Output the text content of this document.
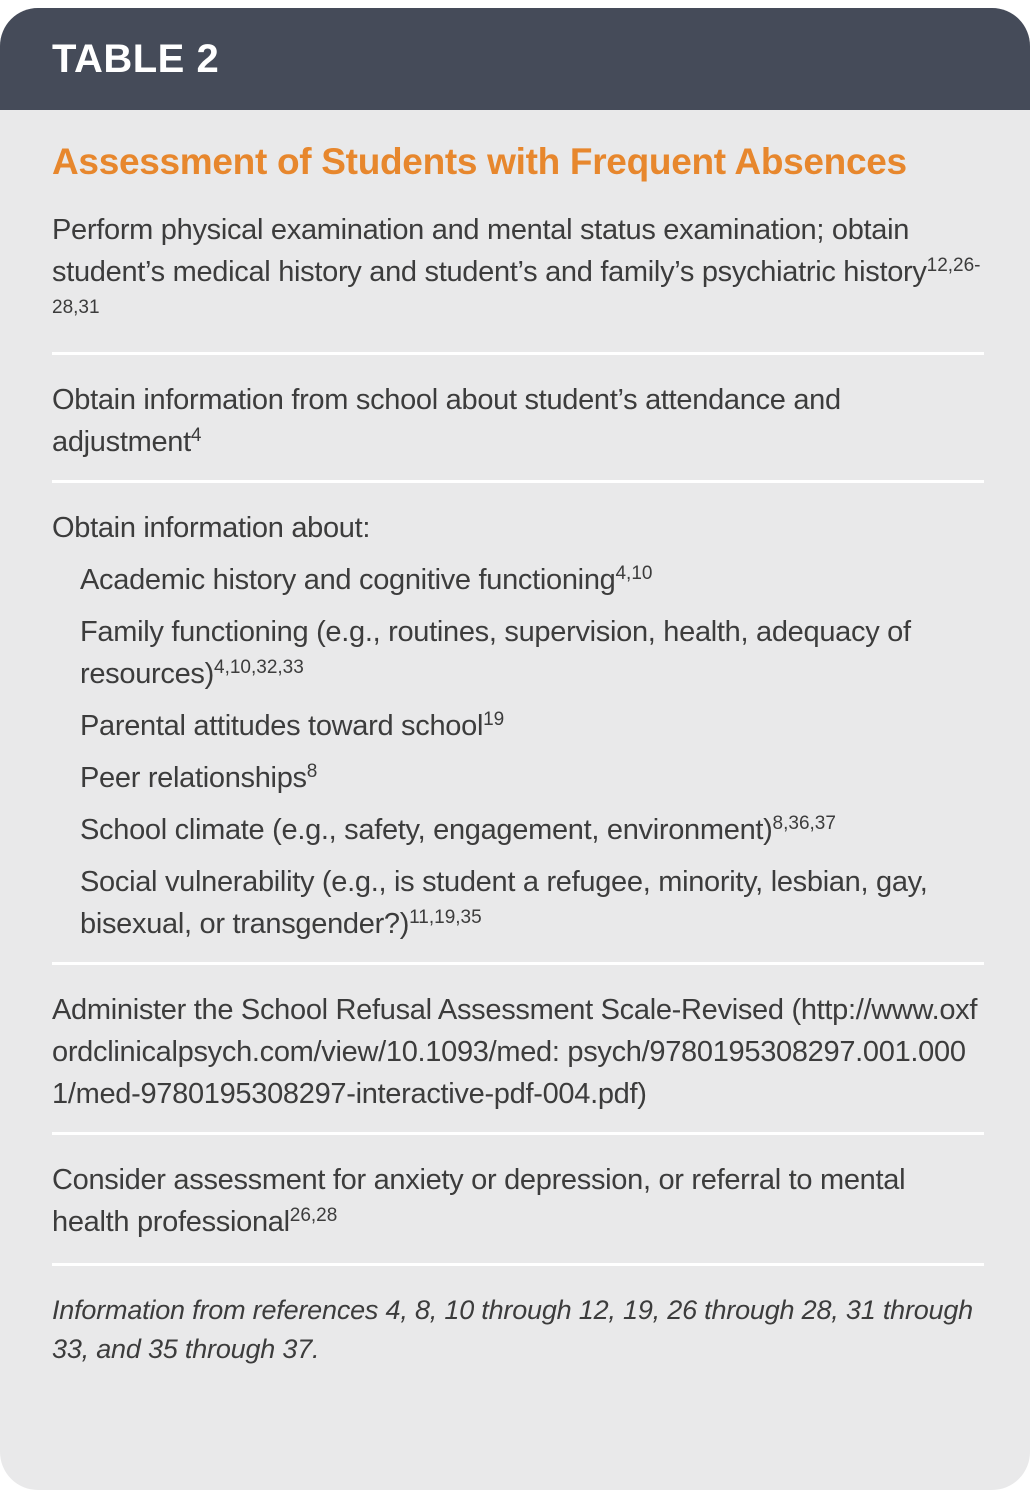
TABLE 2
Assessment of Students with Frequent Absences

Perform physical examination and mental status examination; obtain student’s medical history and student’s and family’s psychiatric history$^{12,26-28,31}$

Obtain information from school about student’s attendance and adjustment$^4$

Obtain information about:

Academic history and cognitive functioning$^{4,10}$

Family functioning (e.g., routines, supervision, health, adequacy of resources)$^{4,10,32,33}$

Parental attitudes toward school$^{19}$

Peer relationships$^8$

School climate (e.g., safety, engagement, environment)$^{8,36,37}$

Social vulnerability (e.g., is student a refugee, minority, lesbian, gay, bisexual, or transgender?)$^{11,19,35}$

Administer the School Refusal Assessment Scale-Revised (http://www.oxfordclinicalpsych.com/view/10.1093/med: psych/9780195308297.001.0001/med-9780195308297-interactive-pdf-004.pdf)

Consider assessment for anxiety or depression, or referral to mental health professional$^{26,28}$

Information from references 4, 8, 10 through 12, 19, 26 through 28, 31 through 33, and 35 through 37.
